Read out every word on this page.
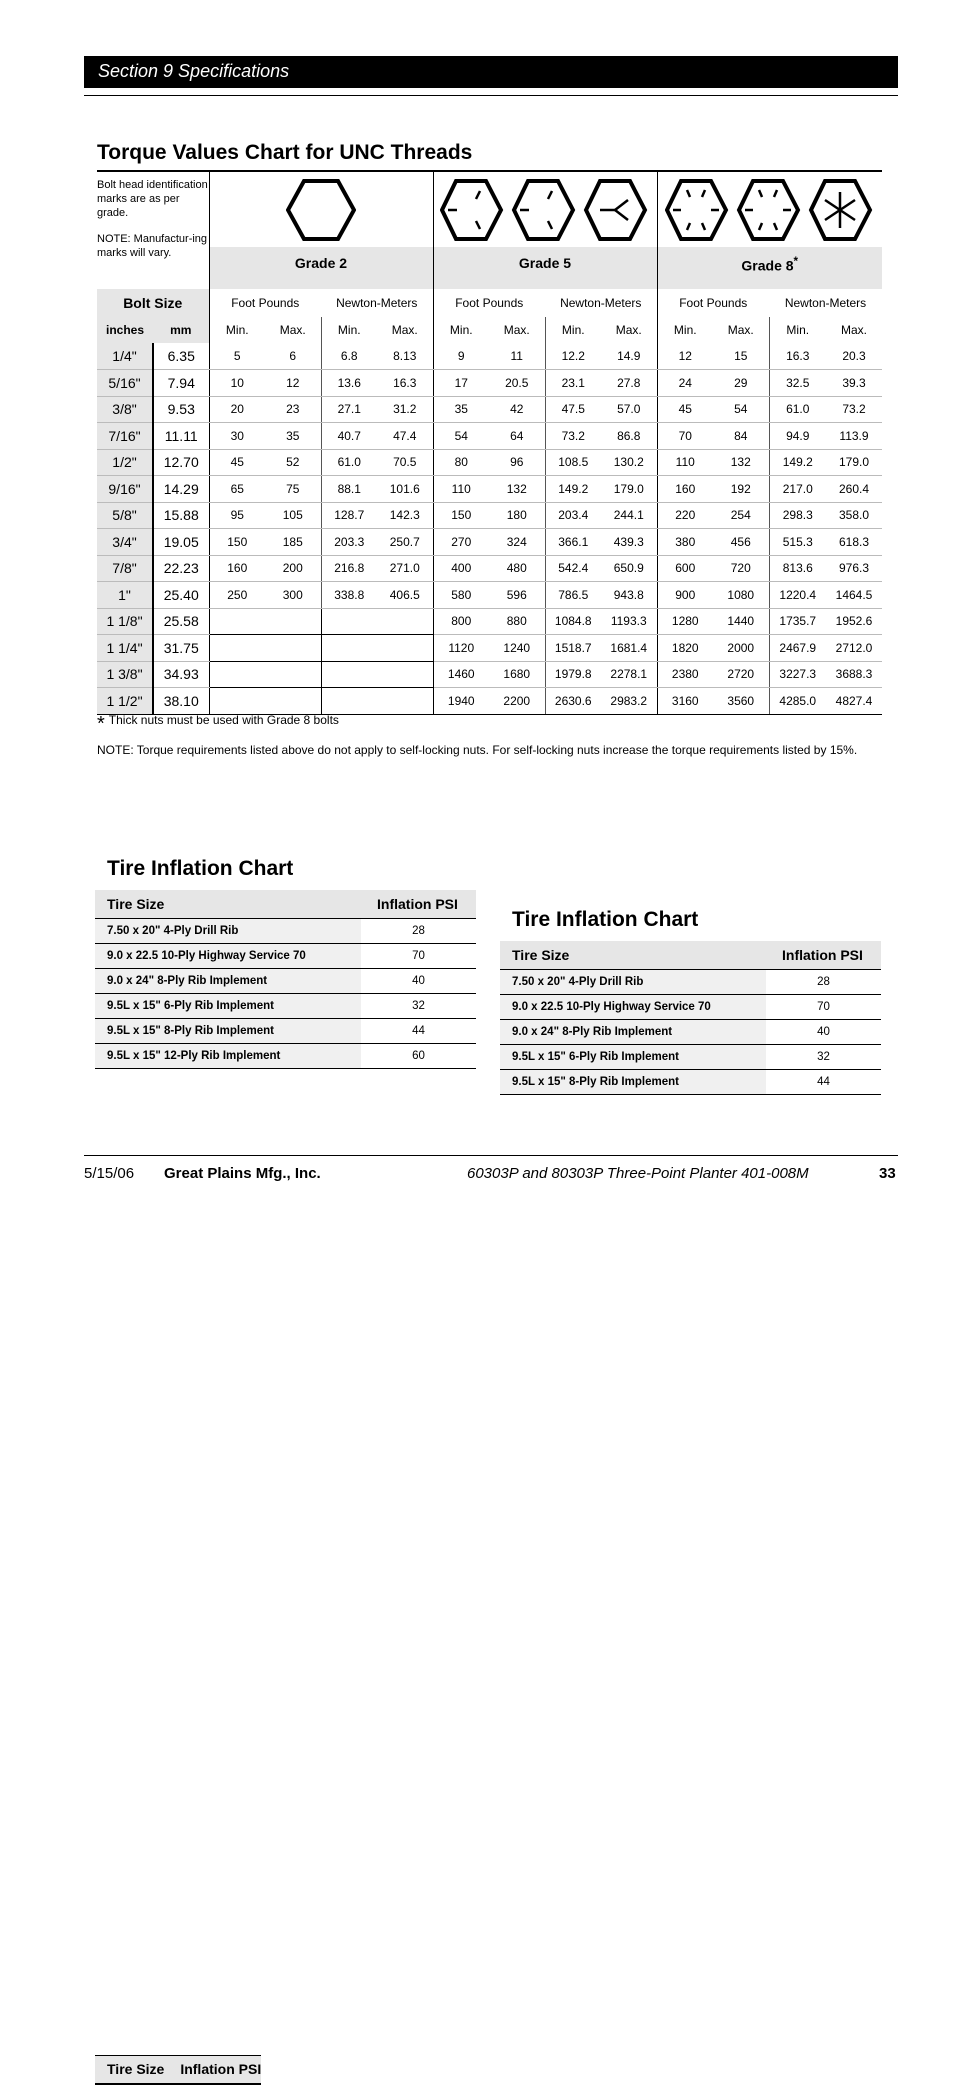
Section 9 Specifications
Torque Values Chart for UNC Threads
Bolt head identification marks are as per grade.
NOTE: Manufactur-ing marks will vary.

		Grade 2				Grade 5				Grade 8*
Bolt Size		Foot Pounds		Newton-Meters		Foot Pounds		Newton-Meters		Foot Pounds		Newton-Meters	
inches	mm	Min.	Max.	Min.	Max.	Min.	Max.	Min.	Max.	Min.	Max.	Min.	Max.
1/4"	6.35	5	6	6.8	8.13	9	11	12.2	14.9	12	15	16.3	20.3
5/16"	7.94	10	12	13.6	16.3	17	20.5	23.1	27.8	24	29	32.5	39.3
3/8"	9.53	20	23	27.1	31.2	35	42	47.5	57.0	45	54	61.0	73.2
7/16"	11.11	30	35	40.7	47.4	54	64	73.2	86.8	70	84	94.9	113.9
1/2"	12.70	45	52	61.0	70.5	80	96	108.5	130.2	110	132	149.2	179.0
9/16"	14.29	65	75	88.1	101.6	110	132	149.2	179.0	160	192	217.0	260.4
5/8"	15.88	95	105	128.7	142.3	150	180	203.4	244.1	220	254	298.3	358.0
3/4"	19.05	150	185	203.3	250.7	270	324	366.1	439.3	380	456	515.3	618.3
7/8"	22.23	160	200	216.8	271.0	400	480	542.4	650.9	600	720	813.6	976.3
1"	25.40	250	300	338.8	406.5	580	596	786.5	943.8	900	1080	1220.4	1464.5
1 1/8"	25.58					800	880	1084.8	1193.3	1280	1440	1735.7	1952.6
1 1/4"	31.75					1120	1240	1518.7	1681.4	1820	2000	2467.9	2712.0
1 3/8"	34.93					1460	1680	1979.8	2278.1	2380	2720	3227.3	3688.3
1 1/2"	38.10					1940	2200	2630.6	2983.2	3160	3560	4285.0	4827.4
* Thick nuts must be used with Grade 8 bolts
NOTE: Torque requirements listed above do not apply to self-locking nuts. For self-locking nuts increase the torque requirements listed by 15%.
Tire Inflation Chart
Tire Size	Inflation PSI
7.50 x 20" 4-Ply Drill Rib	28
9.0 x 22.5 10-Ply Highway Service 70	70
9.0 x 24" 8-Ply Rib Implement	40
9.5L x 15" 6-Ply Rib Implement	32
9.5L x 15" 8-Ply Rib Implement	44
9.5L x 15" 12-Ply Rib Implement	60

Tire Size	Inflation PSI
Tire Inflation Chart
Tire Size	Inflation PSI
7.50 x 20" 4-Ply Drill Rib	28
9.0 x 22.5 10-Ply Highway Service 70	70
9.0 x 24" 8-Ply Rib Implement	40
9.5L x 15" 6-Ply Rib Implement	32
9.5L x 15" 8-Ply Rib Implement	44
5/15/06 Great Plains Mfg., Inc.	60303P and 80303P Three-Point Planter 401-008M	33
